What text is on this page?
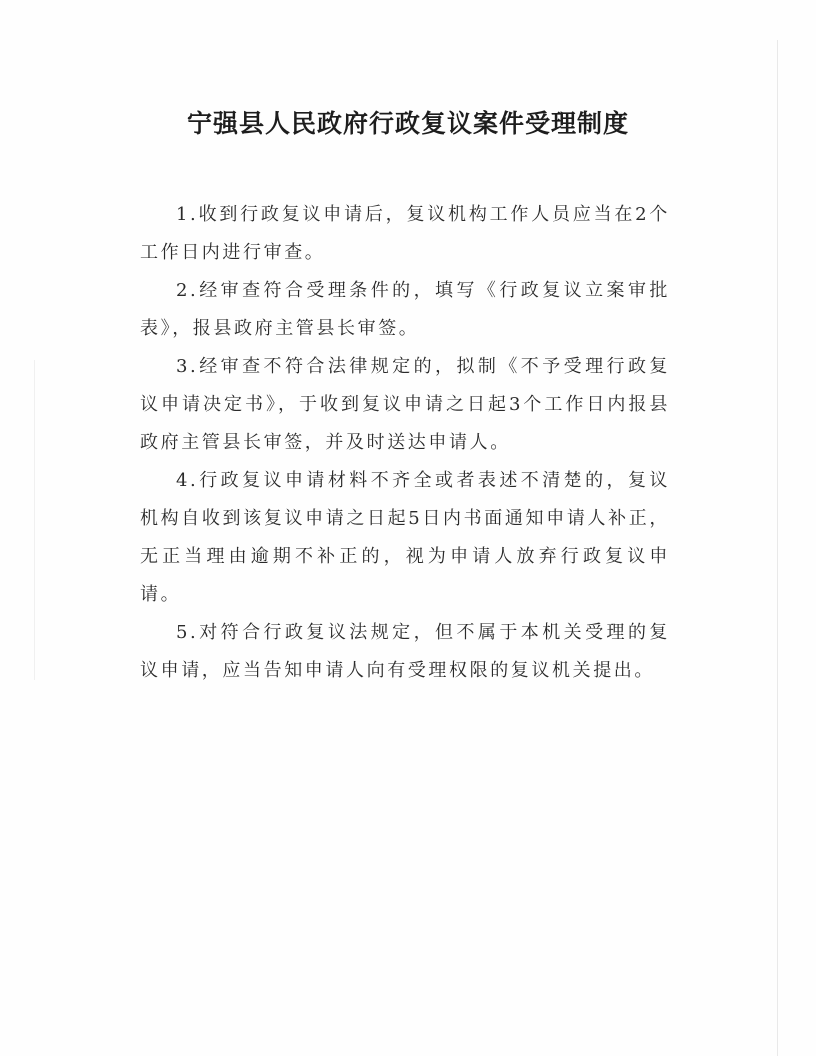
宁强县人民政府行政复议案件受理制度

1.收到行政复议申请后，复议机构工作人员应当在2个工作日内进行审查。

2.经审查符合受理条件的，填写《行政复议立案审批表》，报县政府主管县长审签。

3.经审查不符合法律规定的，拟制《不予受理行政复议申请决定书》，于收到复议申请之日起3个工作日内报县政府主管县长审签，并及时送达申请人。

4.行政复议申请材料不齐全或者表述不清楚的，复议机构自收到该复议申请之日起5日内书面通知申请人补正，无正当理由逾期不补正的，视为申请人放弃行政复议申请。

5.对符合行政复议法规定，但不属于本机关受理的复议申请，应当告知申请人向有受理权限的复议机关提出。
